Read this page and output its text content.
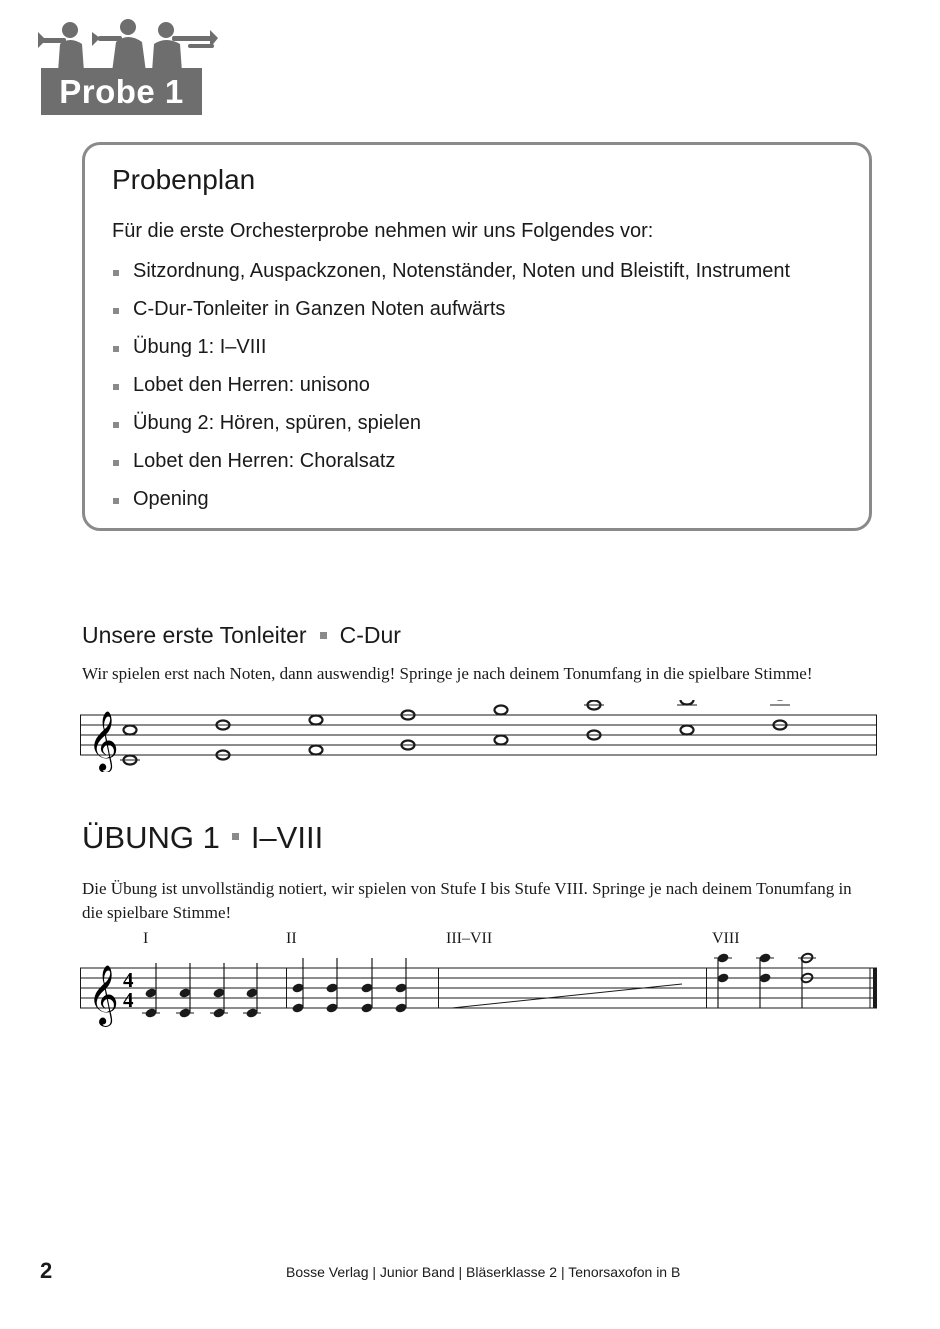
Probe 1
Probenplan
Für die erste Orchesterprobe nehmen wir uns Folgendes vor:
Sitzordnung, Auspackzonen, Notenständer, Noten und Bleistift, Instrument
C-Dur-Tonleiter in Ganzen Noten aufwärts
Übung 1: I–VIII
Lobet den Herren: unisono
Übung 2: Hören, spüren, spielen
Lobet den Herren: Choralsatz
Opening
Unsere erste Tonleiter C-Dur
Wir spielen erst nach Noten, dann auswendig! Springe je nach deinem Tonumfang in die spielbare Stimme!
𝄞
ÜBUNG 1 I–VIII
Die Übung ist unvollständig notiert, wir spielen von Stufe I bis Stufe VIII. Springe je nach deinem Tonumfang in die spielbare Stimme!
I	II	III–VII	VIII
𝄞 4
4
2	Bosse Verlag | Junior Band | Bläserklasse 2 | Tenorsaxofon in B
